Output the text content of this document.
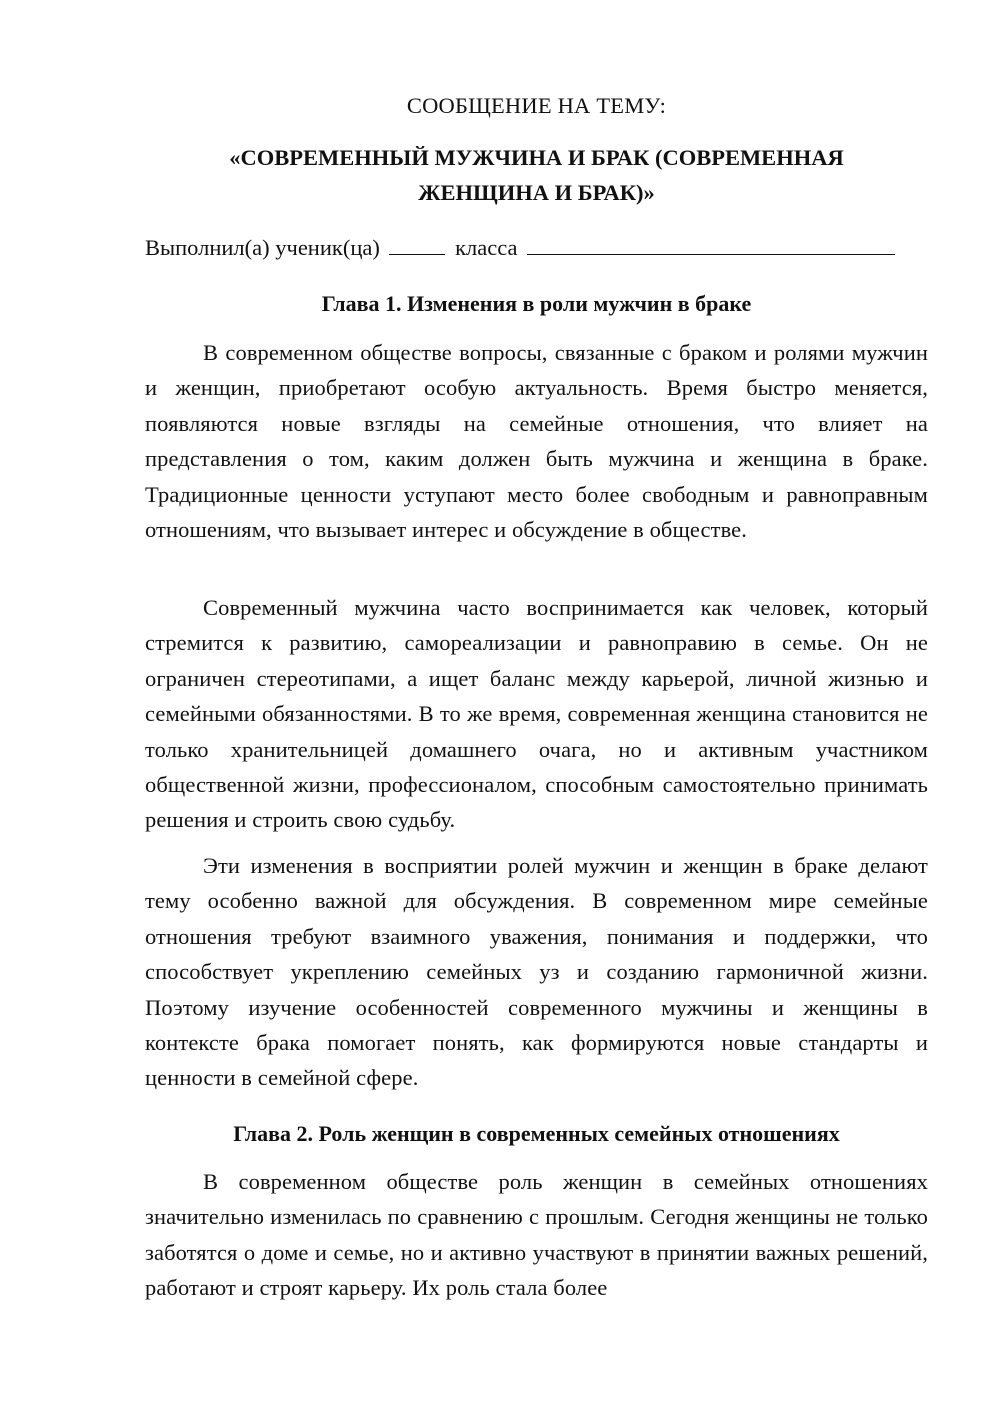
СООБЩЕНИЕ НА ТЕМУ:
«СОВРЕМЕННЫЙ МУЖЧИНА И БРАК (СОВРЕМЕННАЯ ЖЕНЩИНА И БРАК)»
Выполнил(а) ученик(ца)	класса
Глава 1. Изменения в роли мужчин в браке

В современном обществе вопросы, связанные с браком и ролями мужчин и женщин, приобретают особую актуальность. Время быстро меняется, появляются новые взгляды на семейные отношения, что влияет на представления о том, каким должен быть мужчина и женщина в браке. Традиционные ценности уступают место более свободным и равноправным отношениям, что вызывает интерес и обсуждение в обществе.

Современный мужчина часто воспринимается как человек, который стремится к развитию, самореализации и равноправию в семье. Он не ограничен стереотипами, а ищет баланс между карьерой, личной жизнью и семейными обязанностями. В то же время, современная женщина становится не только хранительницей домашнего очага, но и активным участником общественной жизни, профессионалом, способным самостоятельно принимать решения и строить свою судьбу.

Эти изменения в восприятии ролей мужчин и женщин в браке делают тему особенно важной для обсуждения. В современном мире семейные отношения требуют взаимного уважения, понимания и поддержки, что способствует укреплению семейных уз и созданию гармоничной жизни. Поэтому изучение особенностей современного мужчины и женщины в контексте брака помогает понять, как формируются новые стандарты и ценности в семейной сфере.

Глава 2. Роль женщин в современных семейных отношениях

В современном обществе роль женщин в семейных отношениях значительно изменилась по сравнению с прошлым. Сегодня женщины не только заботятся о доме и семье, но и активно участвуют в принятии важных решений, работают и строят карьеру. Их роль стала более
